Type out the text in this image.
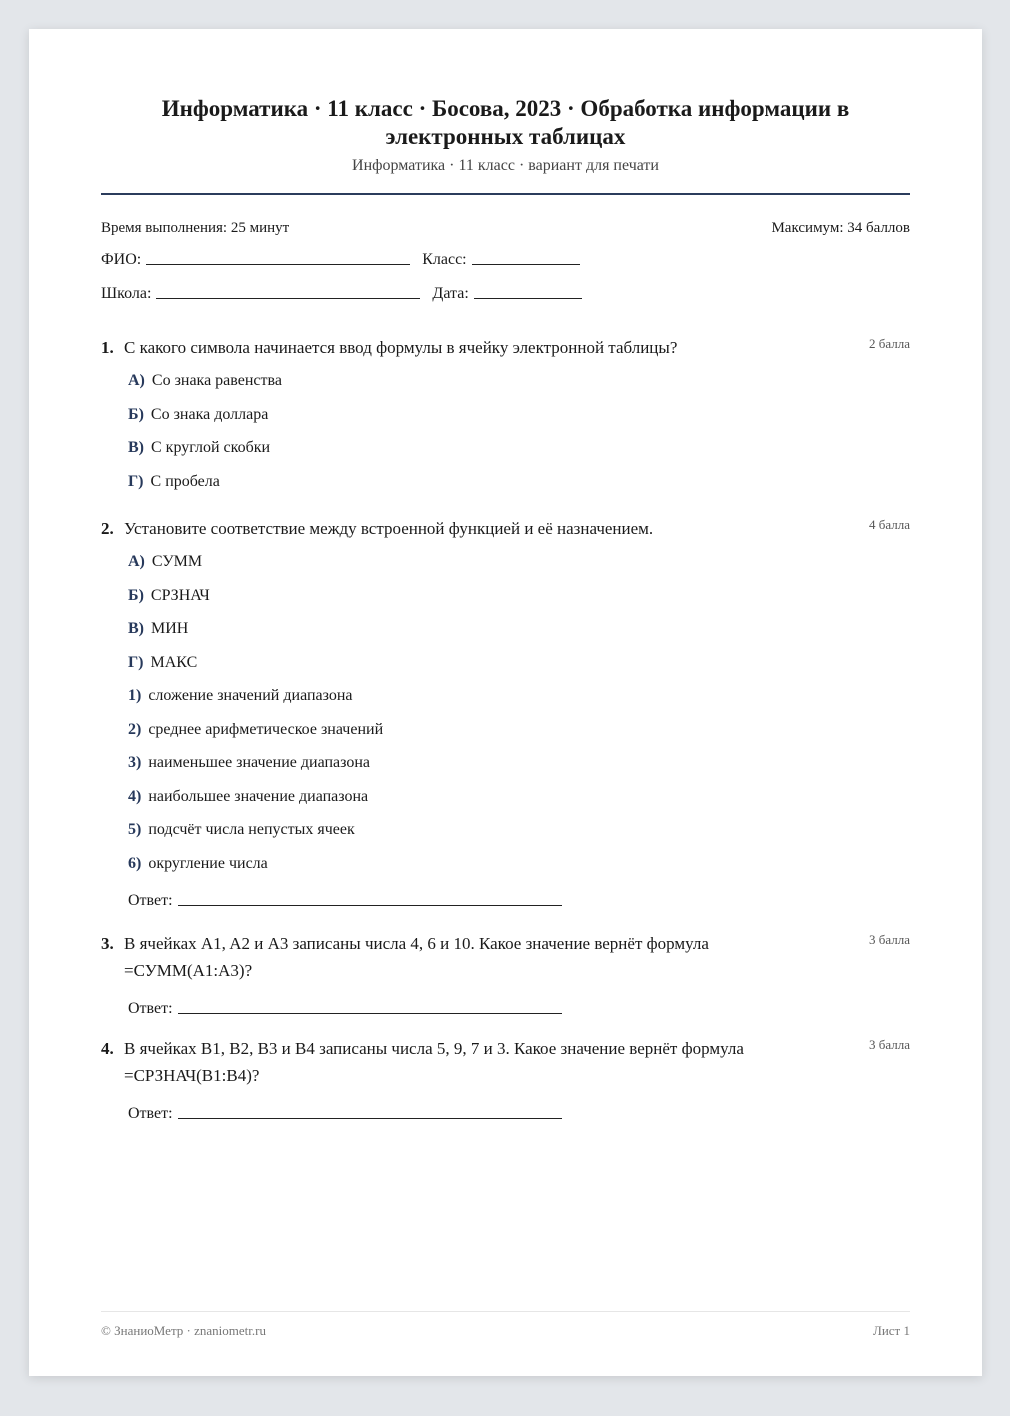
Информатика · 11 класс · Босова, 2023 · Обработка информации в электронных таблицах
Информатика · 11 класс · вариант для печати
Время выполнения: 25 минут	Максимум: 34 баллов
ФИО:	Класс:
Школа:	Дата:
1. С какого символа начинается ввод формулы в ячейку электронной таблицы?	2 балла
А) Со знака равенства
Б) Со знака доллара
В) С круглой скобки
Г) С пробела
2. Установите соответствие между встроенной функцией и её назначением.	4 балла
А) СУММ
Б) СРЗНАЧ
В) МИН
Г) МАКС
1) сложение значений диапазона
2) среднее арифметическое значений
3) наименьшее значение диапазона
4) наибольшее значение диапазона
5) подсчёт числа непустых ячеек
6) округление числа
Ответ:
3. В ячейках A1, A2 и A3 записаны числа 4, 6 и 10. Какое значение вернёт формула =СУММ(A1:A3)?
3 балла
Ответ:
4. В ячейках B1, B2, B3 и B4 записаны числа 5, 9, 7 и 3. Какое значение вернёт формула =СРЗНАЧ(B1:B4)?
3 балла
Ответ:
© ЗнаниоМетр · znaniometr.ru	Лист 1
